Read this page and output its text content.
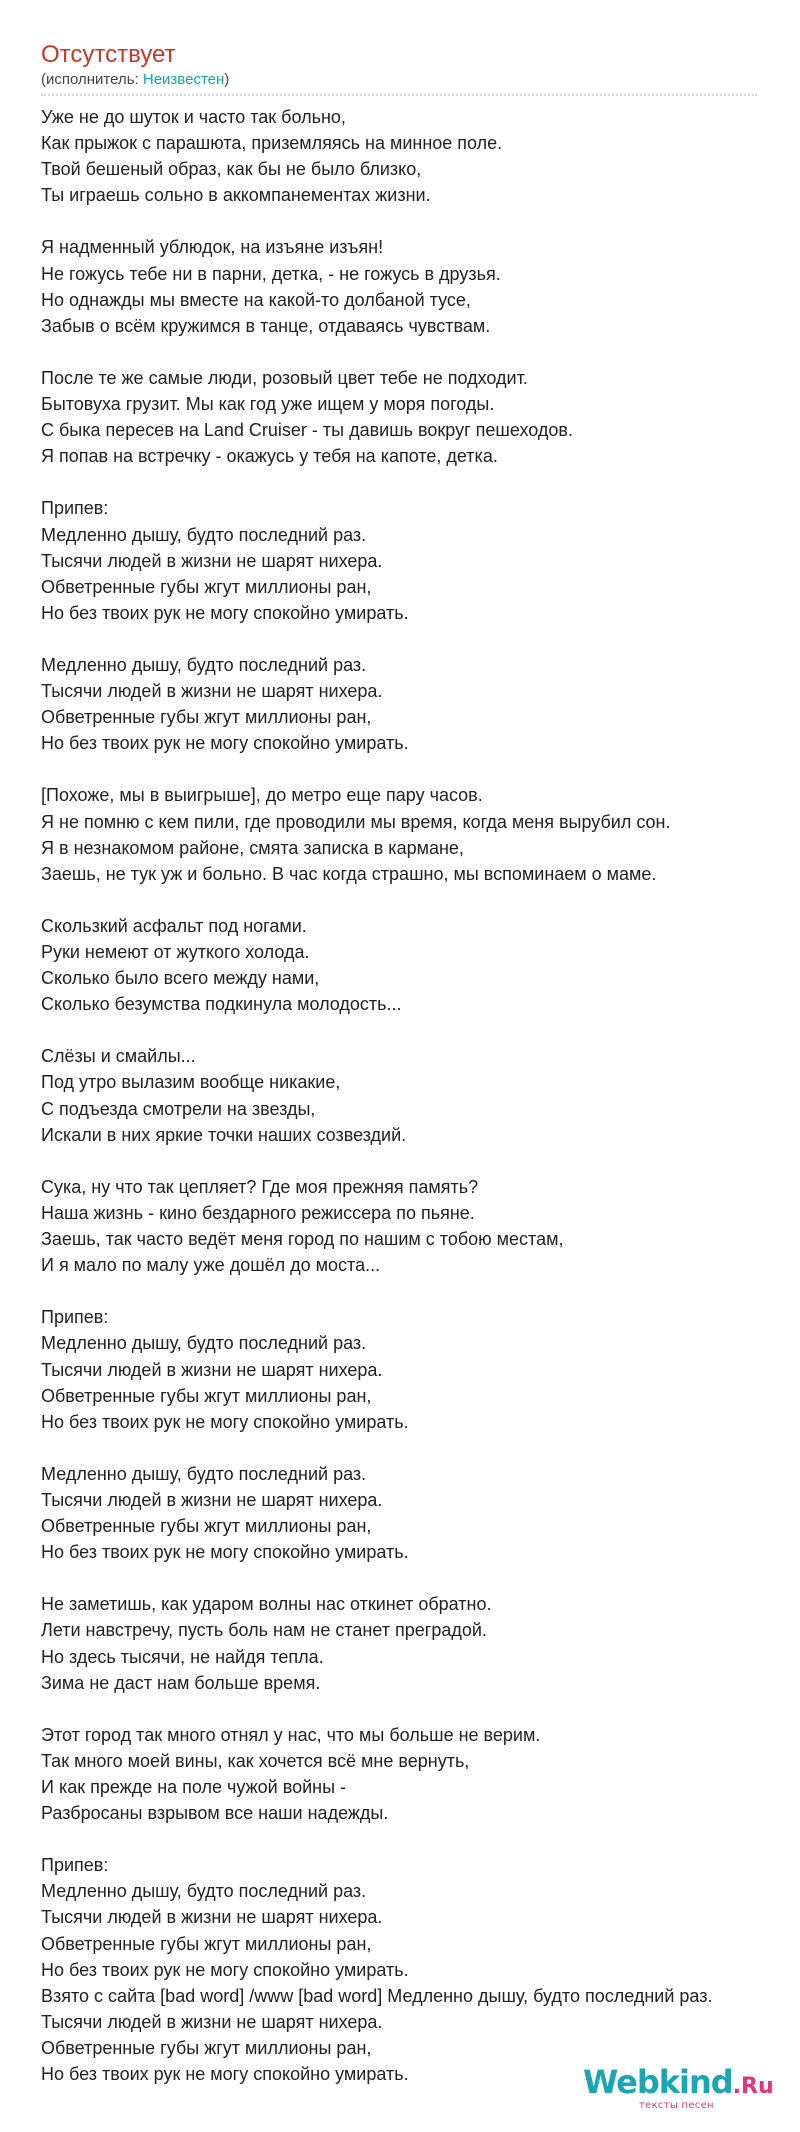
Отсутствует
(исполнитель: Неизвестен)
Уже не до шуток и часто так больно,
Как прыжок с парашюта, приземляясь на минное поле.
Твой бешеный образ, как бы не было близко,
Ты играешь сольно в аккомпанементах жизни.
Я надменный ублюдок, на изъяне изъян!
Не гожусь тебе ни в парни, детка, - не гожусь в друзья.
Но однажды мы вместе на какой-то долбаной тусе,
Забыв о всём кружимся в танце, отдаваясь чувствам.
После те же самые люди, розовый цвет тебе не подходит.
Бытовуха грузит. Мы как год уже ищем у моря погоды.
С быка пересев на Land Cruiser - ты давишь вокруг пешеходов.
Я попав на встречку - окажусь у тебя на капоте, детка.
Припев:
Медленно дышу, будто последний раз.
Тысячи людей в жизни не шарят нихера.
Обветренные губы жгут миллионы ран,
Но без твоих рук не могу спокойно умирать.
Медленно дышу, будто последний раз.
Тысячи людей в жизни не шарят нихера.
Обветренные губы жгут миллионы ран,
Но без твоих рук не могу спокойно умирать.
[Похоже, мы в выигрыше], до метро еще пару часов.
Я не помню с кем пили, где проводили мы время, когда меня вырубил сон.
Я в незнакомом районе, смята записка в кармане,
Заешь, не тук уж и больно. В час когда страшно, мы вспоминаем о маме.
Скользкий асфальт под ногами.
Руки немеют от жуткого холода.
Сколько было всего между нами,
Сколько безумства подкинула молодость...
Слёзы и смайлы...
Под утро вылазим вообще никакие,
С подъезда смотрели на звезды,
Искали в них яркие точки наших созвездий.
Сука, ну что так цепляет? Где моя прежняя память?
Наша жизнь - кино бездарного режиссера по пьяне.
Заешь, так часто ведёт меня город по нашим с тобою местам,
И я мало по малу уже дошёл до моста...
Припев:
Медленно дышу, будто последний раз.
Тысячи людей в жизни не шарят нихера.
Обветренные губы жгут миллионы ран,
Но без твоих рук не могу спокойно умирать.
Медленно дышу, будто последний раз.
Тысячи людей в жизни не шарят нихера.
Обветренные губы жгут миллионы ран,
Но без твоих рук не могу спокойно умирать.
Не заметишь, как ударом волны нас откинет обратно.
Лети навстречу, пусть боль нам не станет преградой.
Но здесь тысячи, не найдя тепла.
Зима не даст нам больше время.
Этот город так много отнял у нас, что мы больше не верим.
Так много моей вины, как хочется всё мне вернуть,
И как прежде на поле чужой войны -
Разбросаны взрывом все наши надежды.
Припев:
Медленно дышу, будто последний раз.
Тысячи людей в жизни не шарят нихера.
Обветренные губы жгут миллионы ран,
Но без твоих рук не могу спокойно умирать.
Взято с сайта [bad word] /www [bad word] Медленно дышу, будто последний раз.
Тысячи людей в жизни не шарят нихера.
Обветренные губы жгут миллионы ран,
Но без твоих рук не могу спокойно умирать.	Webkind.Ru
тексты песен
